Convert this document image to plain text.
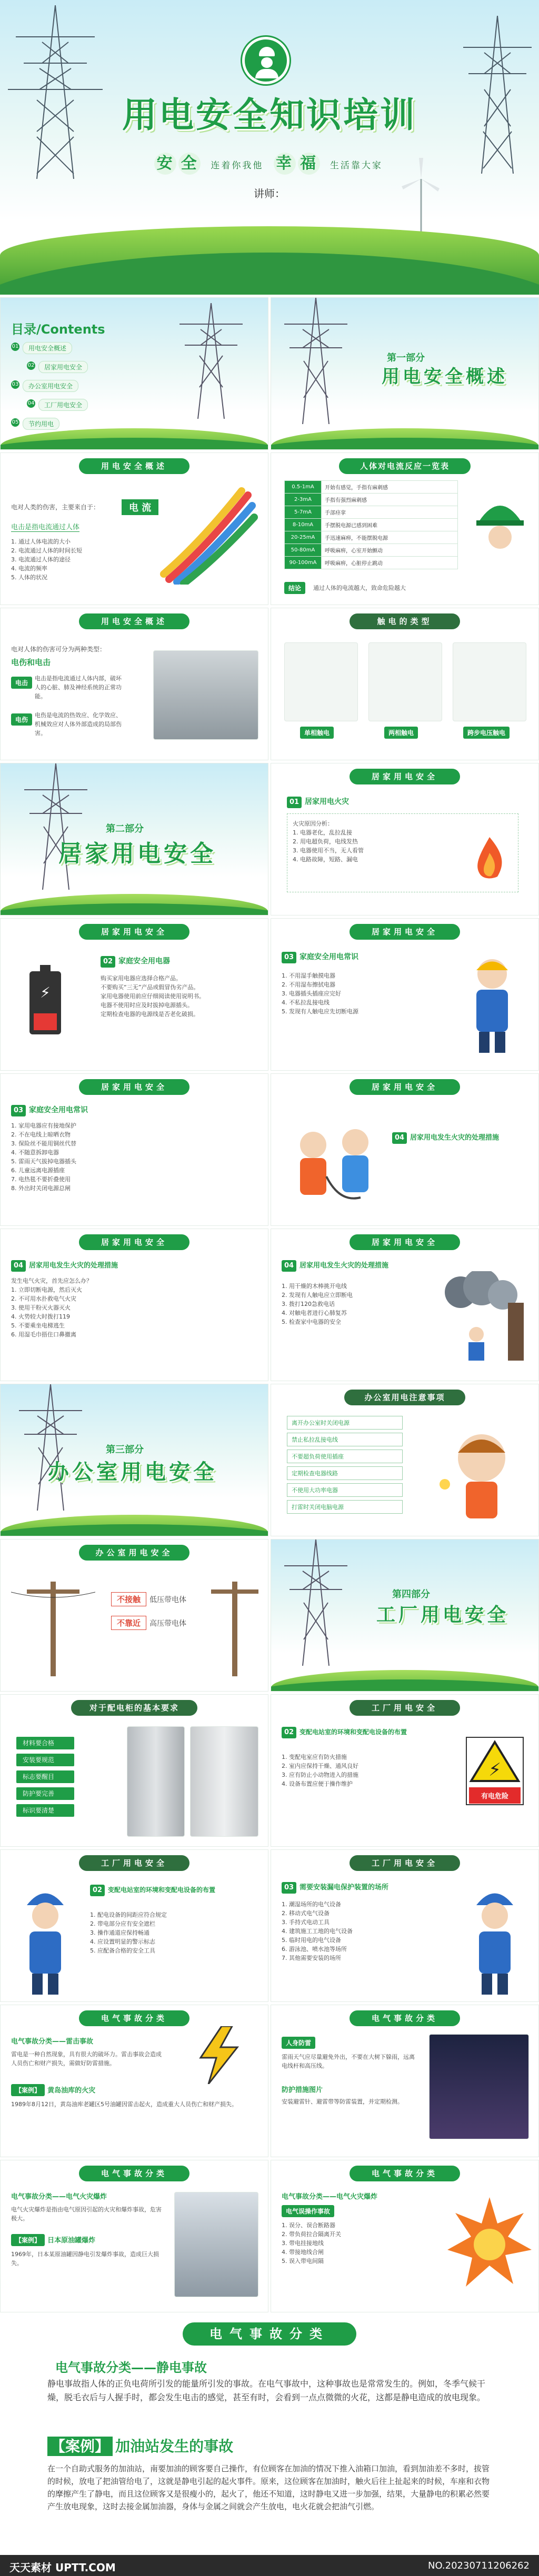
用电安全知识培训
安 全 连着你我他 幸 福 生活靠大家
讲师：
目录/Contents
01	用电安全概述
02	居家用电安全
03	办公室用电安全
04	工厂用电安全
05	节约用电
第一部分
用电安全概述
用电安全概述
电对人类的伤害，主要来自于：	电 流
电击是指电流通过人体
1. 通过人体电流的大小
2. 电流通过人体的时间长短
3. 电流通过人体的途径
4. 电流的频率
5. 人体的状况
人体对电流反应一览表
0.5-1mA	开始有感觉，手指有麻刺感
2-3mA	手指有强烈麻刺感
5-7mA	手部痉挛
8-10mA	手摆脱电源已感到困难
20-25mA	手迅速麻痹，不能摆脱电源
50-80mA	呼吸麻痹，心室开始颤动
90-100mA	呼吸麻痹，心脏停止跳动
结论	通过人体的电流越大，致命危险越大
用电安全概述
电对人体的伤害可分为两种类型：
电伤和电击
电击
电击是指电流通过人体内部，破坏人的心脏、肺及神经系统的正常功能。
电伤
电伤是电流的热效应、化学效应、机械效应对人体外部造成的局部伤害。
触电的类型
单相触电	两相触电	跨步电压触电
第二部分
居家用电安全
居家用电安全
01 居家用电火灾
火灾原因分析：
1. 电器老化，乱拉乱接
2. 用电超负荷，电线发热
3. 电器使用不当，无人看管
4. 电路故障，短路、漏电
居家用电安全
⚡
02 家庭安全用电器
购买家用电器应选择合格产品。
不要购买“三无”产品或假冒伪劣产品。
家用电器使用前应仔细阅读使用说明书。
电器不使用时应及时拔掉电源插头。
定期检查电器的电源线是否老化破损。
居家用电安全
03 家庭安全用电常识
1. 不用湿手触摸电器
2. 不用湿布擦拭电器
3. 电器插头插座应完好
4. 不私拉乱接电线
5. 发现有人触电应先切断电源
居家用电安全
03 家庭安全用电常识
1. 家用电器应有接地保护
2. 不在电线上晾晒衣物
3. 保险丝不能用铜丝代替
4. 不随意拆卸电器
5. 雷雨天气拔掉电器插头
6. 儿童远离电源插座
7. 电热毯不要折叠使用
8. 外出时关闭电源总闸
居家用电安全
04 居家用电发生火灾的处理措施
居家用电安全
04 居家用电发生火灾的处理措施
发生电气火灾，首先应怎么办？
1. 立即切断电源，然后灭火
2. 不可用水扑救电气火灾
3. 使用干粉灭火器灭火
4. 火势较大时拨打119
5. 不要乘坐电梯逃生
6. 用湿毛巾捂住口鼻撤离
居家用电安全
04 居家用电发生火灾的处理措施
1. 用干燥的木棒挑开电线
2. 发现有人触电应立即断电
3. 拨打120急救电话
4. 对触电者进行心肺复苏
5. 检查家中电器的安全
第三部分
办公室用电安全
办公室用电注意事项
离开办公室时关闭电源
禁止私拉乱接电线
不要超负荷使用插座
定期检查电器线路
不使用大功率电器
打雷时关闭电脑电源
办公室用电安全
不接触 低压带电体
不靠近 高压带电体
第四部分
工厂用电安全
对于配电柜的基本要求
材料要合格
安装要规范
标志要醒目
防护要完善
标识要清楚
工厂用电安全
02 变配电站室的环境和变配电设备的布置
1. 变配电室应有防火措施
2. 室内应保持干燥、通风良好
3. 应有防止小动物进入的措施
4. 设备布置应便于操作维护
⚡
有电危险
工厂用电安全
02 变配电站室的环境和变配电设备的布置
1. 配电设备的间距应符合规定
2. 带电部分应有安全遮栏
3. 操作通道应保持畅通
4. 应设置明显的警示标志
5. 应配备合格的安全工具
工厂用电安全
03 需要安装漏电保护装置的场所
1. 潮湿场所的电气设备
2. 移动式电气设备
3. 手持式电动工具
4. 建筑施工工地的电气设备
5. 临时用电的电气设备
6. 游泳池、喷水池等场所
7. 其他需要安装的场所
电气事故分类
电气事故分类——雷击事故
雷电是一种自然现象，具有很大的破坏力。雷击事故会造成人员伤亡和财产损失，需做好防雷措施。
【案例】 黄岛油库的火灾
1989年8月12日，黄岛油库老罐区5号油罐因雷击起火，造成重大人员伤亡和财产损失。
电气事故分类
人身防雷
雷雨天气应尽量避免外出，不要在大树下躲雨，远离电线杆和高压线。
防护措施图片
安装避雷针、避雷带等防雷装置，并定期检测。
电气事故分类
电气事故分类——电气火灾爆炸
电气火灾爆炸是指由电气原因引起的火灾和爆炸事故，危害极大。
【案例】 日本原油罐爆炸
1969年，日本某原油罐因静电引发爆炸事故，造成巨大损失。
电气事故分类
电气事故分类——电气火灾爆炸
电气误操作事故
1. 误分、误合断路器
2. 带负荷拉合隔离开关
3. 带电挂接地线
4. 带接地线合闸
5. 误入带电间隔
电气事故分类
电气事故分类——静电事故
静电事故指人体的正负电荷所引发的能量所引发的事故。在电气事故中，这种事故也是常常发生的。例如，冬季气候干燥，脱毛衣后与人握手时，都会发生电击的感觉，甚至有时，会看到一点点微微的火花，这都是静电造成的放电现象。
【案例】 加油站发生的事故
在一个自助式服务的加油站，南要加油的顾客要自己操作，有位顾客在加油的情况下推入油箱口加油，看到加油差不多时，拔管的时候，放电了把油管给电了，这就是静电引起的起火事件。原来，这位顾客在加油时，触火后往上扯起来的时候，车座和衣物的摩擦产生了静电，而且这位顾客又是很瘦小的，起火了，他还不知道，这时静电又进一步加强，结果，大量静电的积累必然要产生放电现象，这时去接金属加油器，身体与金属之间就会产生放电，电火花就会把油气引燃。
天天素材 UPTT.COM	NO.20230711206262
